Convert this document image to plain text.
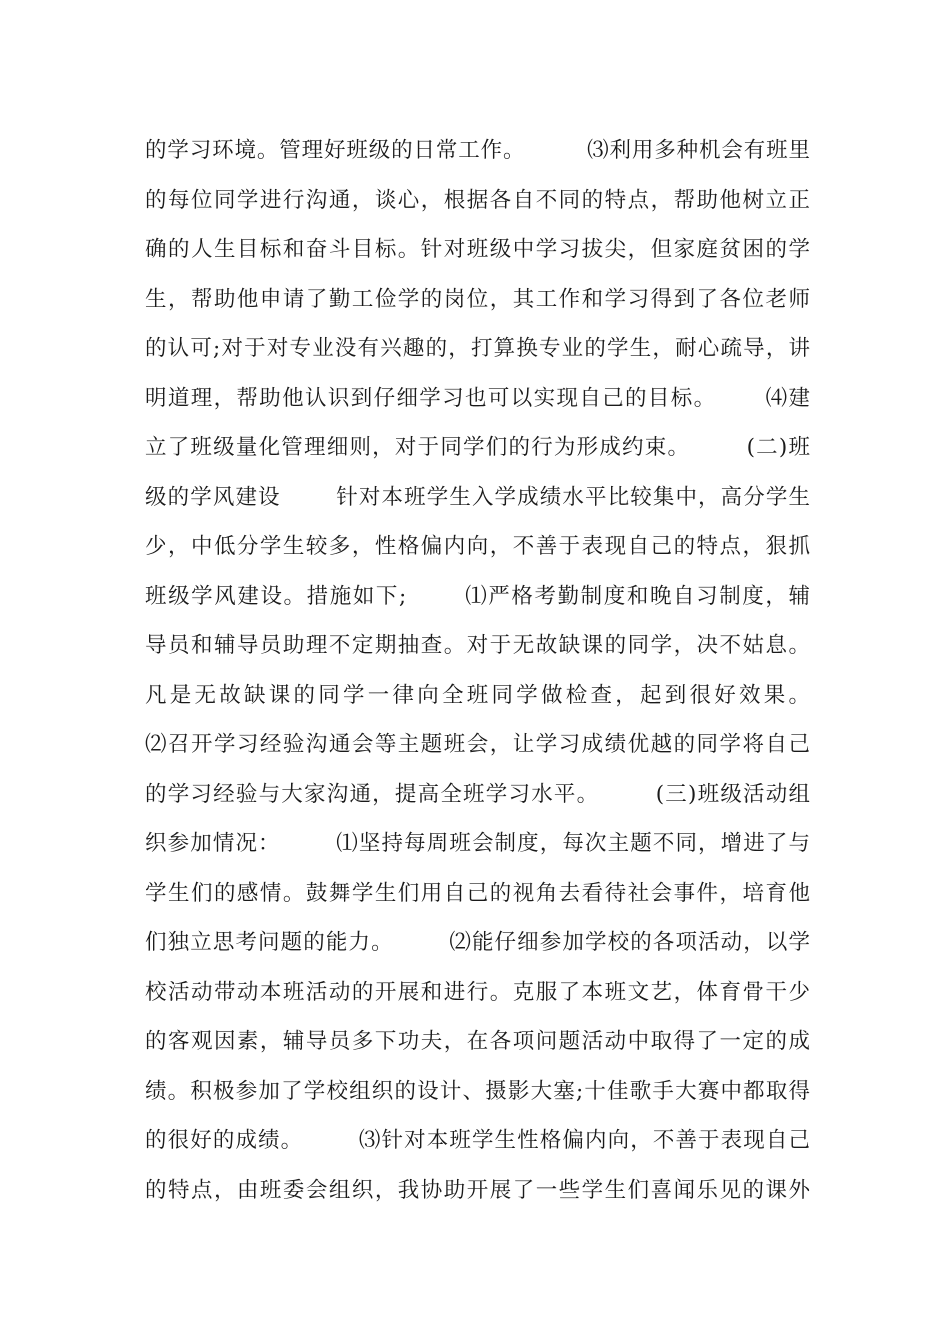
的学习环境。管理好班级的日常工作。        ⑶利用多种机会有班里
的每位同学进行沟通，谈心，根据各自不同的特点，帮助他树立正
确的人生目标和奋斗目标。针对班级中学习拔尖，但家庭贫困的学
生，帮助他申请了勤工俭学的岗位，其工作和学习得到了各位老师
的认可;对于对专业没有兴趣的，打算换专业的学生，耐心疏导，讲
明道理，帮助他认识到仔细学习也可以实现自己的目标。      ⑷建
立了班级量化管理细则，对于同学们的行为形成约束。       (二)班
级的学风建设       针对本班学生入学成绩水平比较集中，高分学生
少，中低分学生较多，性格偏内向，不善于表现自己的特点，狠抓
班级学风建设。措施如下;       ⑴严格考勤制度和晚自习制度，辅
导员和辅导员助理不定期抽查。对于无故缺课的同学，决不姑息。
凡是无故缺课的同学一律向全班同学做检查，起到很好效果。
⑵召开学习经验沟通会等主题班会，让学习成绩优越的同学将自己
的学习经验与大家沟通，提高全班学习水平。       (三)班级活动组
织参加情况：       ⑴坚持每周班会制度，每次主题不同，增进了与
学生们的感情。鼓舞学生们用自己的视角去看待社会事件，培育他
们独立思考问题的能力。       ⑵能仔细参加学校的各项活动，以学
校活动带动本班活动的开展和进行。克服了本班文艺，体育骨干少
的客观因素，辅导员多下功夫，在各项问题活动中取得了一定的成
绩。积极参加了学校组织的设计、摄影大塞;十佳歌手大赛中都取得
的很好的成绩。       ⑶针对本班学生性格偏内向，不善于表现自己
的特点，由班委会组织，我协助开展了一些学生们喜闻乐见的课外
